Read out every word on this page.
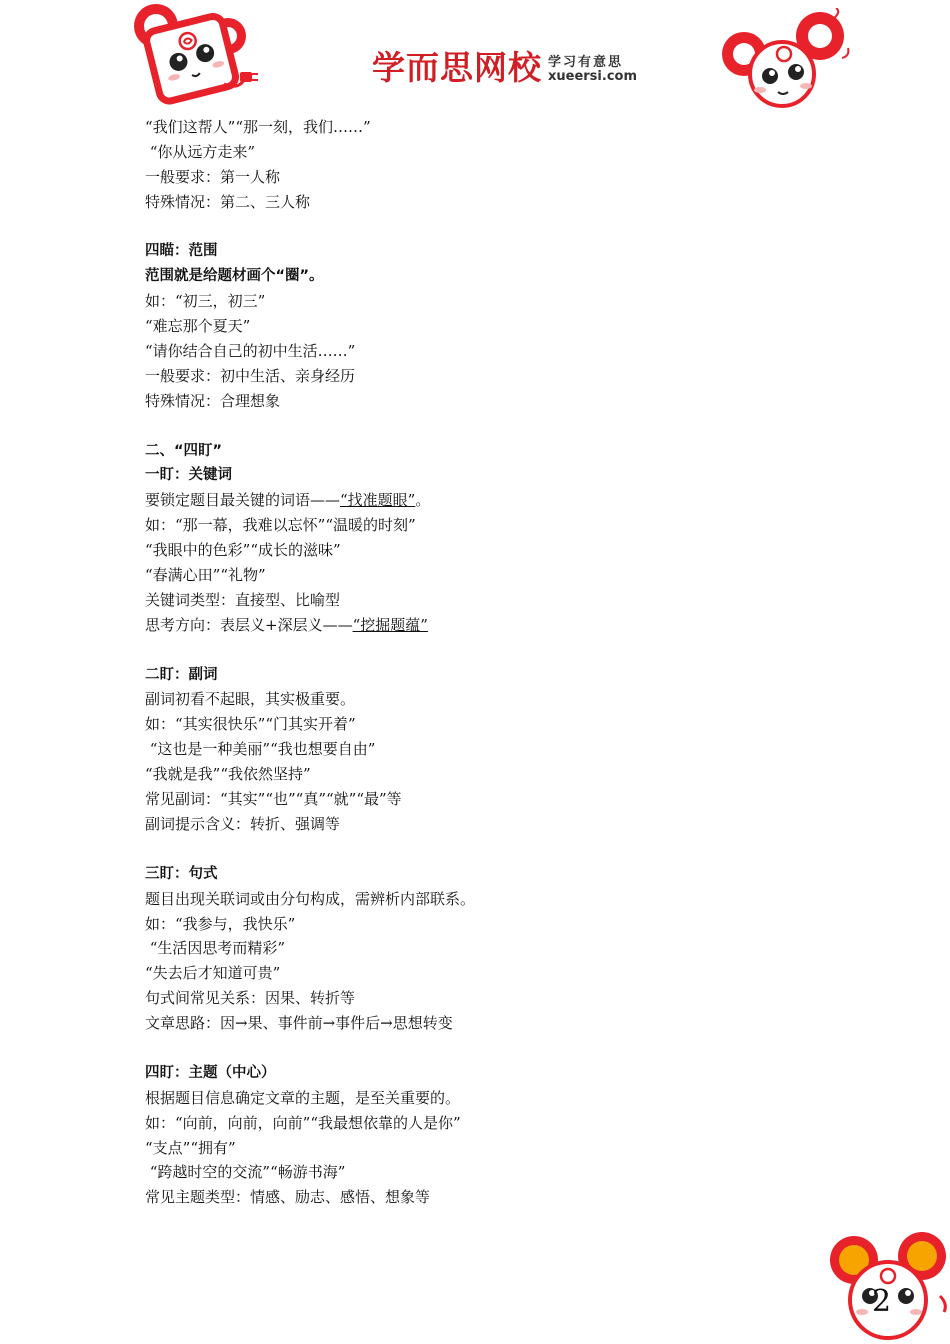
学而思网校 学习有意思
xueersi.com
“我们这帮人”“那一刻，我们……”
“你从远方走来”
一般要求：第一人称
特殊情况：第二、三人称
四瞄：范围
范围就是给题材画个“圈”。
如：“初三，初三”
“难忘那个夏天”
“请你结合自己的初中生活……”
一般要求：初中生活、亲身经历
特殊情况：合理想象
二、“四盯”
一盯：关键词
要锁定题目最关键的词语——“找准题眼”。
如：“那一幕，我难以忘怀”“温暖的时刻”
“我眼中的色彩”“成长的滋味”
“春满心田”“礼物”
关键词类型：直接型、比喻型
思考方向：表层义+深层义——“挖掘题蕴”
二盯：副词
副词初看不起眼，其实极重要。
如：“其实很快乐”“门其实开着”
“这也是一种美丽”“我也想要自由”
“我就是我”“我依然坚持”
常见副词：“其实”“也”“真”“就”“最”等
副词提示含义：转折、强调等
三盯：句式
题目出现关联词或由分句构成，需辨析内部联系。
如：“我参与，我快乐”
“生活因思考而精彩”
“失去后才知道可贵”
句式间常见关系：因果、转折等
文章思路：因→果、事件前→事件后→思想转变
四盯：主题（中心）
根据题目信息确定文章的主题，是至关重要的。
如：“向前，向前，向前”“我最想依靠的人是你”
“支点”“拥有”
“跨越时空的交流”“畅游书海”
常见主题类型：情感、励志、感悟、想象等
2
